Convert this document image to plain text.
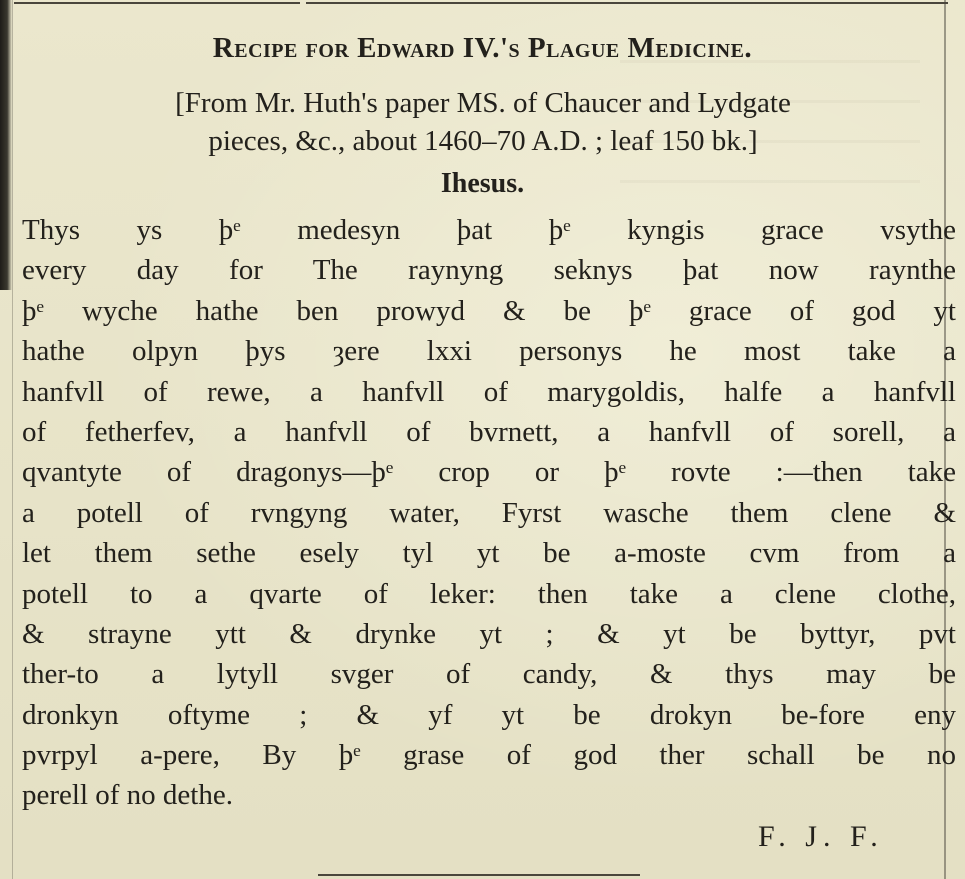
Recipe for Edward IV.'s Plague Medicine.
[From Mr. Huth's paper MS. of Chaucer and Lydgate
pieces, &c., about 1460–70 A.D. ; leaf 150 bk.]
Ihesus.
Thys ys þᵉ medesyn þat þᵉ kyngis grace vsythe
every day for The raynyng seknys þat now raynthe
þᵉ wyche hathe ben prowyd & be þᵉ grace of god yt
hathe olpyn þys ȝere lxxi personys he most take a
hanfvll of rewe, a hanfvll of marygoldis, halfe a hanfvll
of fetherfev, a hanfvll of bvrnett, a hanfvll of sorell, a
qvantyte of dragonys—þᵉ crop or þᵉ rovte :—then take
a potell of rvngyng water, Fyrst wasche them clene &
let them sethe esely tyl yt be a-moste cvm from a
potell to a qvarte of leker: then take a clene clothe,
& strayne ytt & drynke yt ; & yt be byttyr, pvt
ther-to a lytyll svger of candy, & thys may be
dronkyn oftyme ; & yf yt be drokyn be-fore eny
pvrpyl a-pere, By þᵉ grase of god ther schall be no
perell of no dethe.
F. J. F.
